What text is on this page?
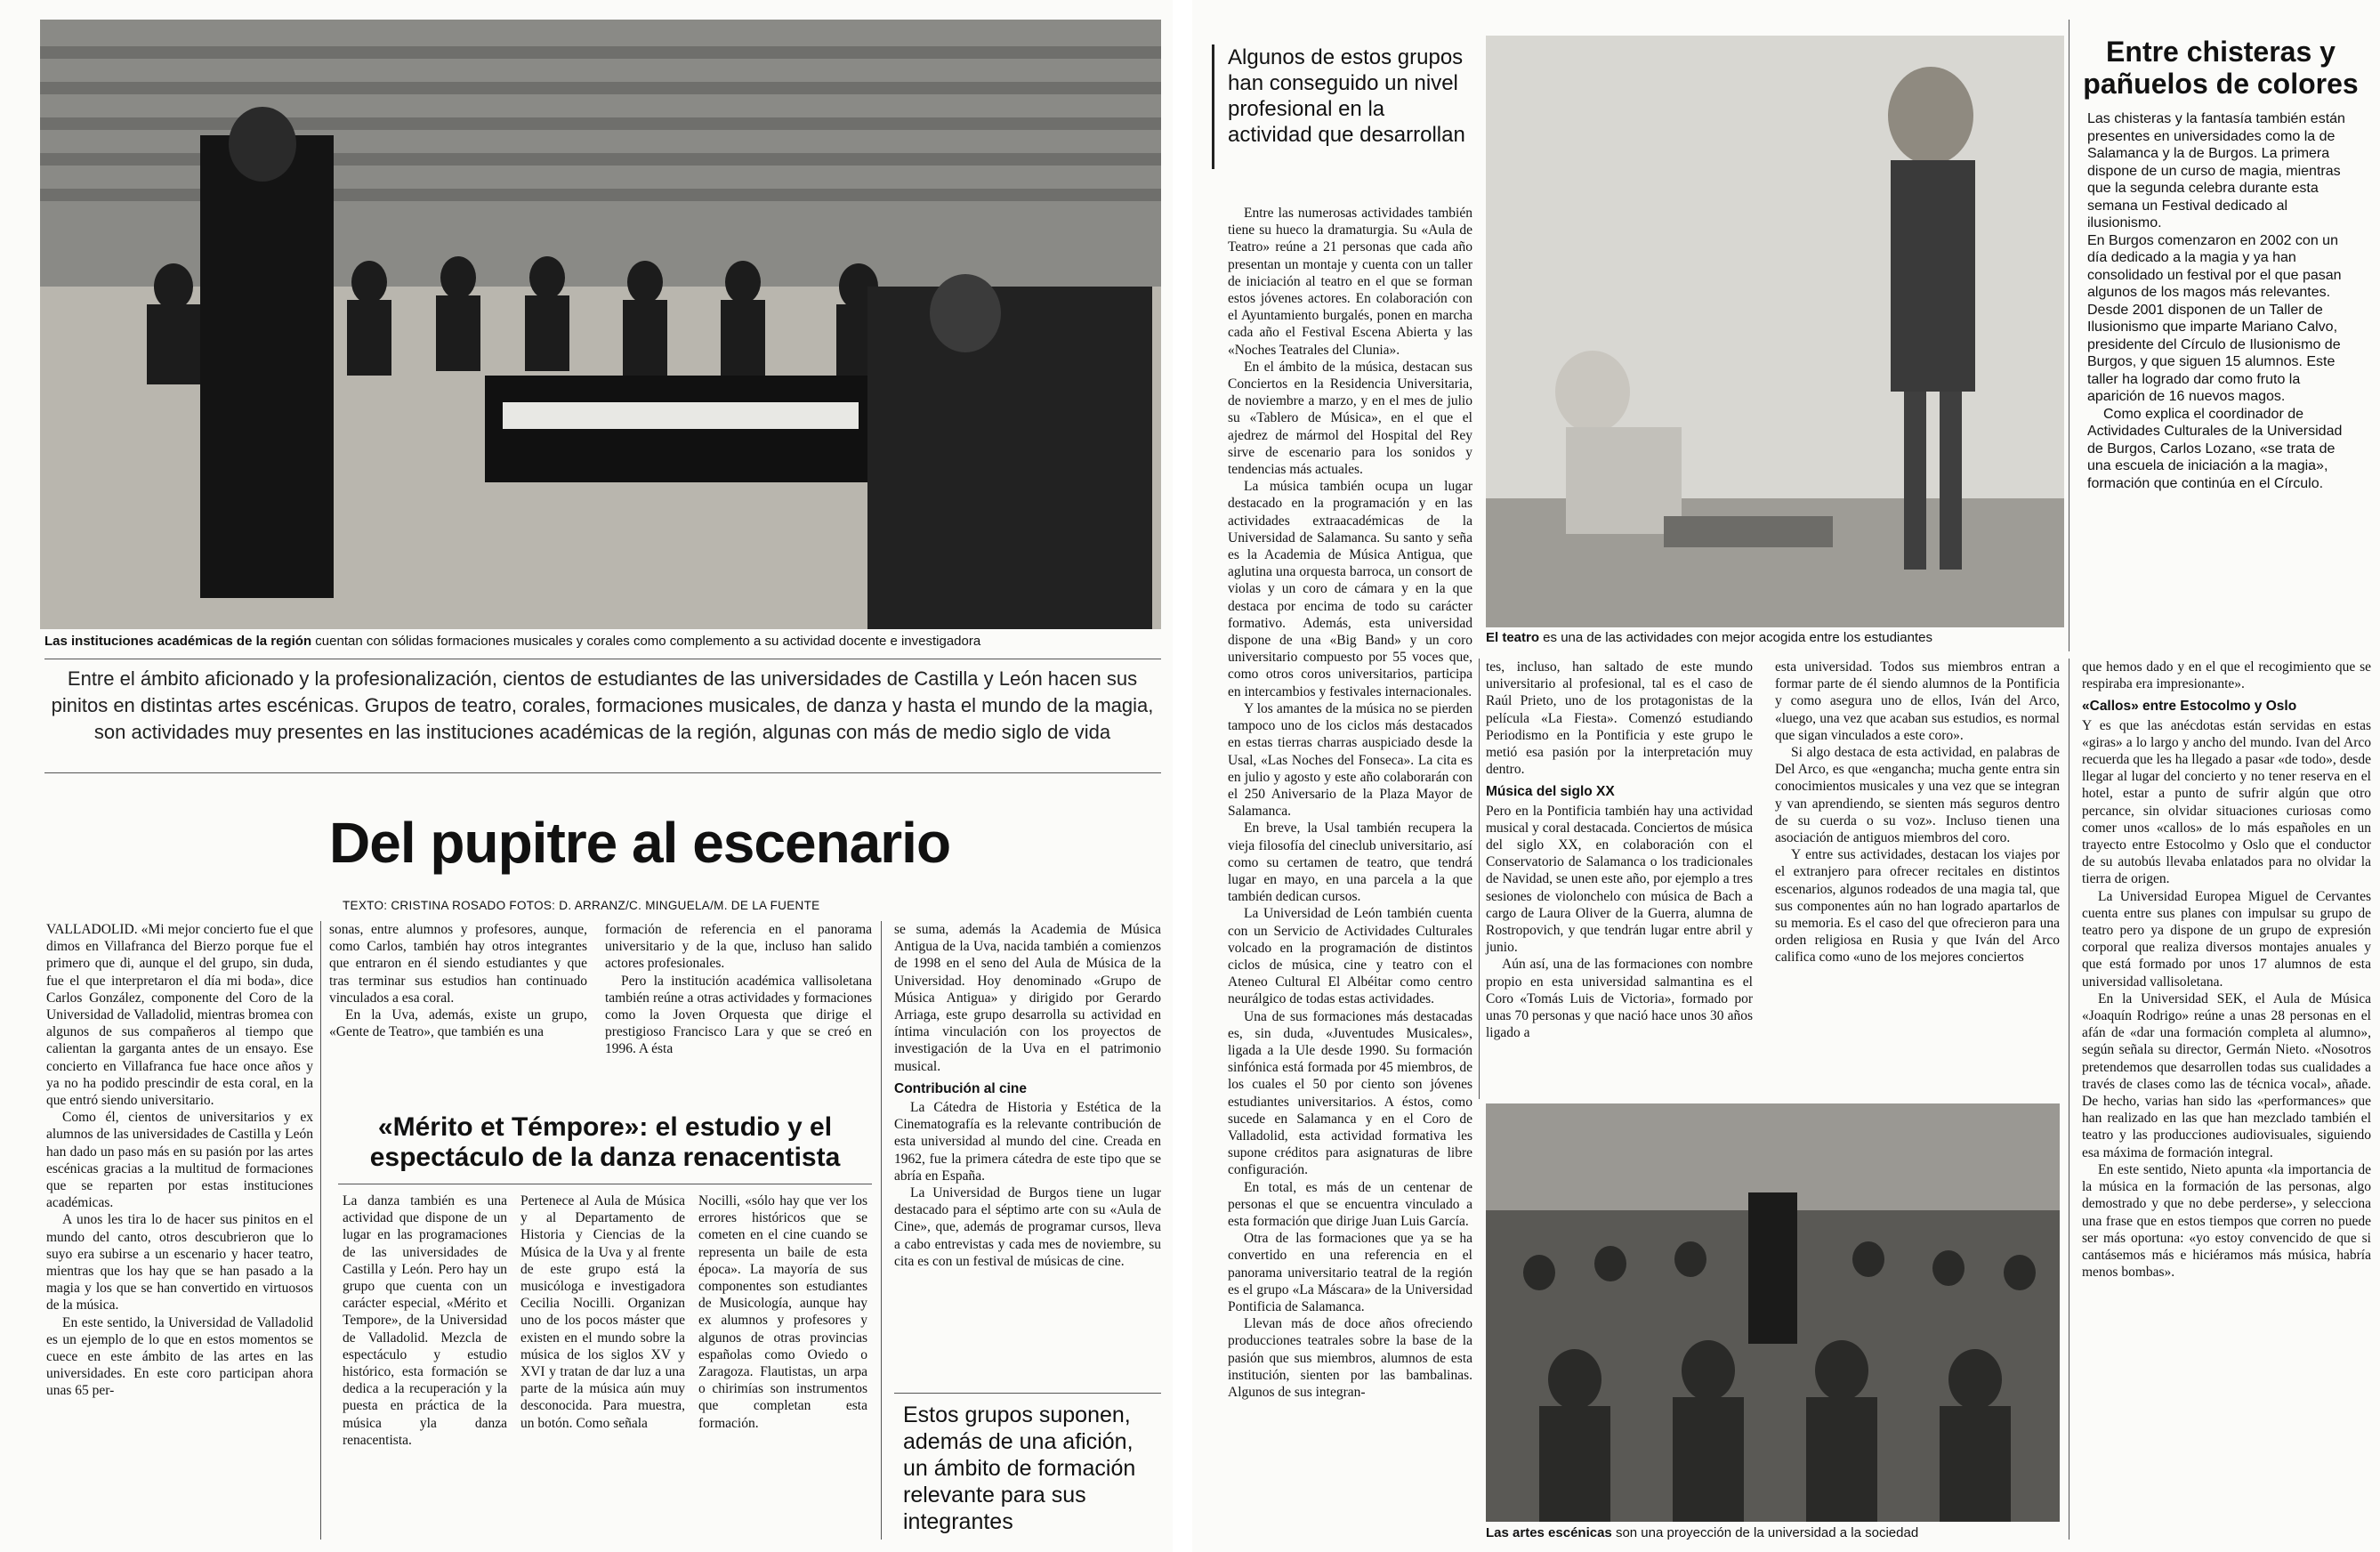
Las instituciones académicas de la región cuentan con sólidas formaciones musicales y corales como complemento a su actividad docente e investigadora
Entre el ámbito aficionado y la profesionalización, cientos de estudiantes de las universidades de Castilla y León hacen sus pinitos en distintas artes escénicas. Grupos de teatro, corales, formaciones musicales, de danza y hasta el mundo de la magia, son actividades muy presentes en las instituciones académicas de la región, algunas con más de medio siglo de vida
Del pupitre al escenario
TEXTO: CRISTINA ROSADO FOTOS: D. ARRANZ/C. MINGUELA/M. DE LA FUENTE

VALLADOLID. «Mi mejor concierto fue el que dimos en Villafranca del Bierzo porque fue el primero que di, aunque el del grupo, sin duda, fue el que interpretaron el día mi boda», dice Carlos González, componente del Coro de la Universidad de Valladolid, mientras bromea con algunos de sus compañeros al tiempo que calientan la garganta antes de un ensayo. Ese concierto en Villafranca fue hace once años y ya no ha podido prescindir de esta coral, en la que entró siendo universitario.

Como él, cientos de universitarios y ex alumnos de las universidades de Castilla y León han dado un paso más en su pasión por las artes escénicas gracias a la multitud de formaciones que se reparten por estas instituciones académicas.

A unos les tira lo de hacer sus pinitos en el mundo del canto, otros descubrieron que lo suyo era subirse a un escenario y hacer teatro, mientras que los hay que se han pasado a la magia y los que se han convertido en virtuosos de la música.

En este sentido, la Universidad de Valladolid es un ejemplo de lo que en estos momentos se cuece en este ámbito de las artes en las universidades. En este coro participan ahora unas 65 per-

sonas, entre alumnos y profesores, aunque, como Carlos, también hay otros integrantes que entraron en él siendo estudiantes y que tras terminar sus estudios han continuado vinculados a esa coral.

En la Uva, además, existe un grupo, «Gente de Teatro», que también es una

formación de referencia en el panorama universitario y de la que, incluso han salido actores profesionales.

Pero la institución académica vallisoletana también reúne a otras actividades y formaciones como la Joven Orquesta que dirige el prestigioso Francisco Lara y que se creó en 1996. A ésta

se suma, además la Academia de Música Antigua de la Uva, nacida también a comienzos de 1998 en el seno del Aula de Música de la Universidad. Hoy denominado «Grupo de Música Antigua» y dirigido por Gerardo Arriaga, este grupo desarrolla su actividad en íntima vinculación con los proyectos de investigación de la Uva en el patrimonio musical.

Contribución al cine

La Cátedra de Historia y Estética de la Cinematografía es la relevante contribución de esta universidad al mundo del cine. Creada en 1962, fue la primera cátedra de este tipo que se abría en España.

La Universidad de Burgos tiene un lugar destacado para el séptimo arte con su «Aula de Cine», que, además de programar cursos, lleva a cabo entrevistas y cada mes de noviembre, su cita es con un festival de músicas de cine.

«Mérito et Témpore»: el estudio y el espectáculo de la danza renacentista

La danza también es una actividad que dispone de un lugar en las programaciones de las universidades de Castilla y León. Pero hay un grupo que cuenta con un carácter especial, «Mérito et Tempore», de la Universidad de Valladolid. Mezcla de espectáculo y estudio histórico, esta formación se dedica a la recuperación y la puesta en práctica de la música yla danza renacentista.

Pertenece al Aula de Música y al Departamento de Historia y Ciencias de la Música de la Uva y al frente de este grupo está la musicóloga e investigadora Cecilia Nocilli. Organizan uno de los pocos máster que existen en el mundo sobre la música de los siglos XV y XVI y tratan de dar luz a una parte de la música aún muy desconocida. Para muestra, un botón. Como señala

Nocilli, «sólo hay que ver los errores históricos que se cometen en el cine cuando se representa un baile de esta época». La mayoría de sus componentes son estudiantes de Musicología, aunque hay ex alumnos y profesores y algunos de otras provincias españolas como Oviedo o Zaragoza. Flautistas, un arpa o chirimías son instrumentos que completan esta formación.	Estos grupos suponen, además de una afición, un ámbito de formación relevante para sus integrantes
Algunos de estos grupos han conseguido un nivel profesional en la actividad que desarrollan

Entre las numerosas actividades también tiene su hueco la dramaturgia. Su «Aula de Teatro» reúne a 21 personas que cada año presentan un montaje y cuenta con un taller de iniciación al teatro en el que se forman estos jóvenes actores. En colaboración con el Ayuntamiento burgalés, ponen en marcha cada año el Festival Escena Abierta y las «Noches Teatrales del Clunia».

En el ámbito de la música, destacan sus Conciertos en la Residencia Universitaria, de noviembre a marzo, y en el mes de julio su «Tablero de Música», en el que el ajedrez de mármol del Hospital del Rey sirve de escenario para los sonidos y tendencias más actuales.

La música también ocupa un lugar destacado en la programación y en las actividades extraacadémicas de la Universidad de Salamanca. Su santo y seña es la Academia de Música Antigua, que aglutina una orquesta barroca, un consort de violas y un coro de cámara y en la que destaca por encima de todo su carácter formativo. Además, esta universidad dispone de una «Big Band» y un coro universitario compuesto por 55 voces que, como otros coros universitarios, participa en intercambios y festivales internacionales.

Y los amantes de la música no se pierden tampoco uno de los ciclos más destacados en estas tierras charras auspiciado desde la Usal, «Las Noches del Fonseca». La cita es en julio y agosto y este año colaborarán con el 250 Aniversario de la Plaza Mayor de Salamanca.

En breve, la Usal también recupera la vieja filosofía del cineclub universitario, así como su certamen de teatro, que tendrá lugar en mayo, en una parcela a la que también dedican cursos.

La Universidad de León también cuenta con un Servicio de Actividades Culturales volcado en la programación de distintos ciclos de música, cine y teatro con el Ateneo Cultural El Albéitar como centro neurálgico de todas estas actividades.

Una de sus formaciones más destacadas es, sin duda, «Juventudes Musicales», ligada a la Ule desde 1990. Su formación sinfónica está formada por 45 miembros, de los cuales el 50 por ciento son jóvenes estudiantes universitarios. A éstos, como sucede en Salamanca y en el Coro de Valladolid, esta actividad formativa les supone créditos para asignaturas de libre configuración.

En total, es más de un centenar de personas el que se encuentra vinculado a esta formación que dirige Juan Luis García.

Otra de las formaciones que ya se ha convertido en una referencia en el panorama universitario teatral de la región es el grupo «La Máscara» de la Universidad Pontificia de Salamanca.

Llevan más de doce años ofreciendo producciones teatrales sobre la base de la pasión que sus miembros, alumnos de esta institución, sienten por las bambalinas. Algunos de sus integran-

El teatro es una de las actividades con mejor acogida entre los estudiantes

tes, incluso, han saltado de este mundo universitario al profesional, tal es el caso de Raúl Prieto, uno de los protagonistas de la película «La Fiesta». Comenzó estudiando Periodismo en la Pontificia y este grupo le metió esa pasión por la interpretación muy dentro.

Música del siglo XX

Pero en la Pontificia también hay una actividad musical y coral destacada. Conciertos de música del siglo XX, en colaboración con el Conservatorio de Salamanca o los tradicionales de Navidad, se unen este año, por ejemplo a tres sesiones de violonchelo con música de Bach a cargo de Laura Oliver de la Guerra, alumna de Rostropovich, y que tendrán lugar entre abril y junio.

Aún así, una de las formaciones con nombre propio en esta universidad salmantina es el Coro «Tomás Luis de Victoria», formado por unas 70 personas y que nació hace unos 30 años ligado a

esta universidad. Todos sus miembros entran a formar parte de él siendo alumnos de la Pontificia y como asegura uno de ellos, Iván del Arco, «luego, una vez que acaban sus estudios, es normal que sigan vinculados a este coro».

Si algo destaca de esta actividad, en palabras de Del Arco, es que «engancha; mucha gente entra sin conocimientos musicales y una vez que se integran y van aprendiendo, se sienten más seguros dentro de su cuerda o su voz». Incluso tienen una asociación de antiguos miembros del coro.

Y entre sus actividades, destacan los viajes por el extranjero para ofrecer recitales en distintos escenarios, algunos rodeados de una magia tal, que sus componentes aún no han logrado apartarlos de su memoria. Es el caso del que ofrecieron para una orden religiosa en Rusia y que Iván del Arco califica como «uno de los mejores conciertos

Las artes escénicas son una proyección de la universidad a la sociedad
Entre chisteras y pañuelos de colores

Las chisteras y la fantasía también están presentes en universidades como la de Salamanca y la de Burgos. La primera dispone de un curso de magia, mientras que la segunda celebra durante esta semana un Festival dedicado al ilusionismo.

En Burgos comenzaron en 2002 con un día dedicado a la magia y ya han consolidado un festival por el que pasan algunos de los magos más relevantes.

Desde 2001 disponen de un Taller de Ilusionismo que imparte Mariano Calvo, presidente del Círculo de Ilusionismo de Burgos, y que siguen 15 alumnos. Este taller ha logrado dar como fruto la aparición de 16 nuevos magos.

Como explica el coordinador de Actividades Culturales de la Universidad de Burgos, Carlos Lozano, «se trata de una escuela de iniciación a la magia», formación que continúa en el Círculo.

que hemos dado y en el que el recogimiento que se respiraba era impresionante».

«Callos» entre Estocolmo y Oslo

Y es que las anécdotas están servidas en estas «giras» a lo largo y ancho del mundo. Ivan del Arco recuerda que les ha llegado a pasar «de todo», desde llegar al lugar del concierto y no tener reserva en el hotel, estar a punto de sufrir algún que otro percance, sin olvidar situaciones curiosas como comer unos «callos» de lo más españoles en un trayecto entre Estocolmo y Oslo que el conductor de su autobús llevaba enlatados para no olvidar la tierra de origen.

La Universidad Europea Miguel de Cervantes cuenta entre sus planes con impulsar su grupo de teatro pero ya dispone de un grupo de expresión corporal que realiza diversos montajes anuales y que está formado por unos 17 alumnos de esta universidad vallisoletana.

En la Universidad SEK, el Aula de Música «Joaquín Rodrigo» reúne a unas 28 personas en el afán de «dar una formación completa al alumno», según señala su director, Germán Nieto. «Nosotros pretendemos que desarrollen todas sus cualidades a través de clases como las de técnica vocal», añade. De hecho, varias han sido las «performances» que han realizado en las que han mezclado también el teatro y las producciones audiovisuales, siguiendo esa máxima de formación integral.

En este sentido, Nieto apunta «la importancia de la música en la formación de las personas, algo demostrado y que no debe perderse», y selecciona una frase que en estos tiempos que corren no puede ser más oportuna: «yo estoy convencido de que si cantásemos más e hiciéramos más música, habría menos bombas».
